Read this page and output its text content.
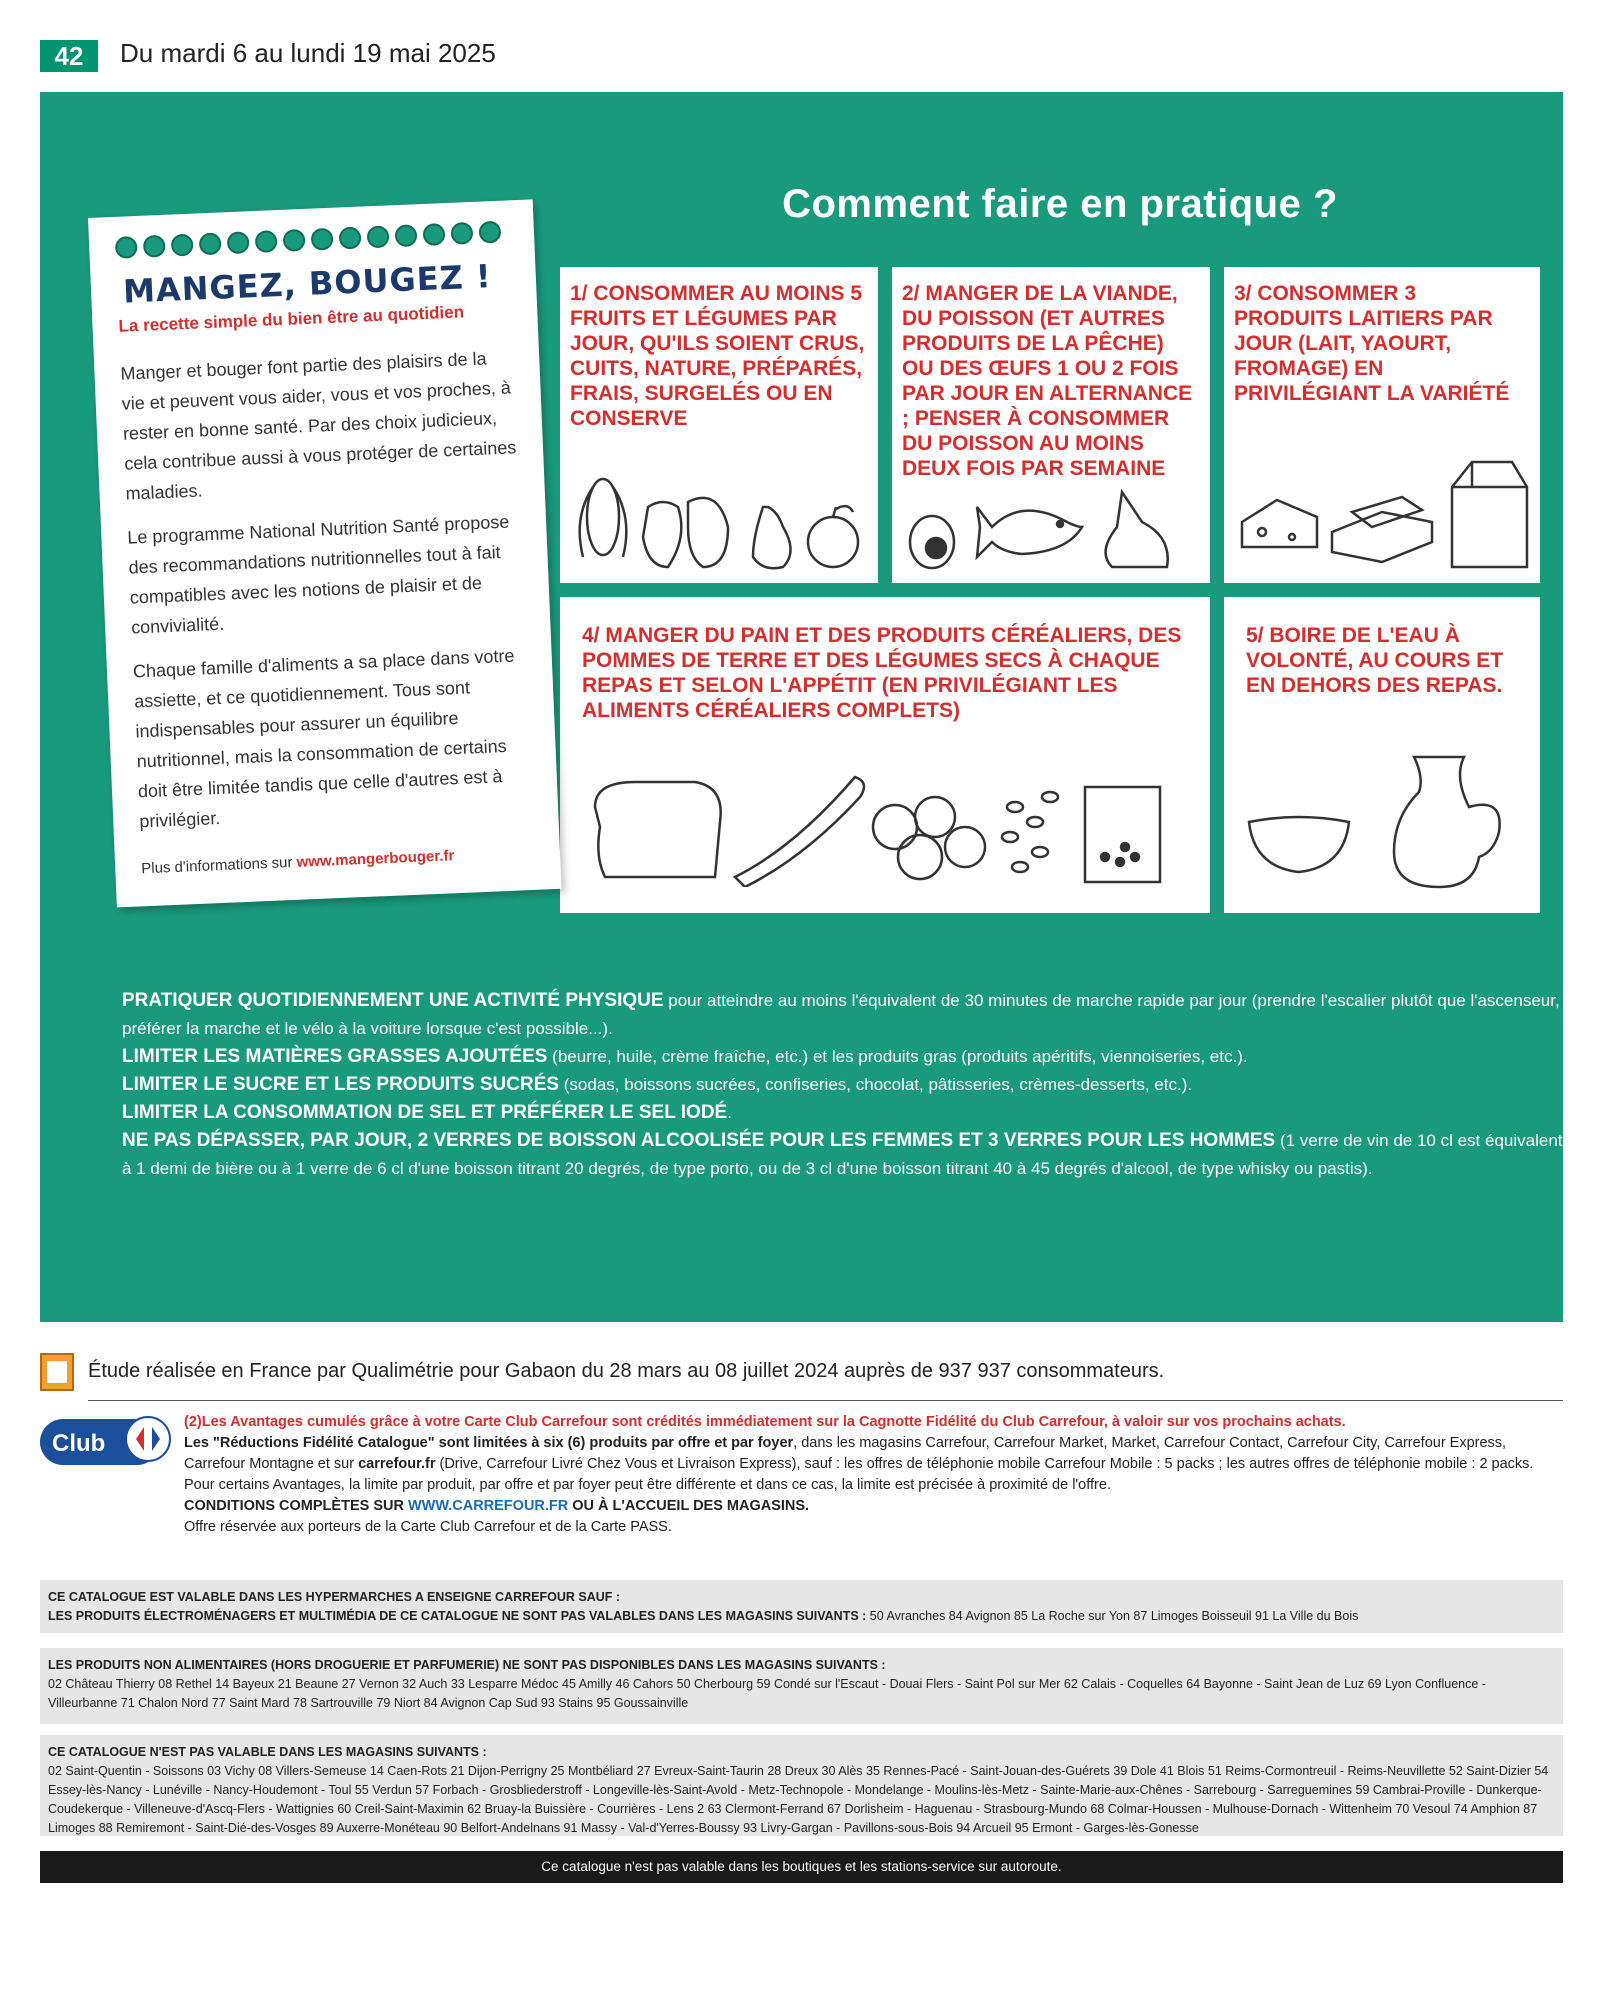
42	Du mardi 6 au lundi 19 mai 2025
Comment faire en pratique ?
1/ CONSOMMER AU MOINS 5 FRUITS ET LÉGUMES PAR JOUR, QU'ILS SOIENT CRUS, CUITS, NATURE, PRÉPARÉS, FRAIS, SURGELÉS OU EN CONSERVE
2/ MANGER DE LA VIANDE, DU POISSON (ET AUTRES PRODUITS DE LA PÊCHE) OU DES ŒUFS 1 OU 2 FOIS PAR JOUR EN ALTERNANCE ; PENSER À CONSOMMER DU POISSON AU MOINS DEUX FOIS PAR SEMAINE
3/ CONSOMMER 3 PRODUITS LAITIERS PAR JOUR (LAIT, YAOURT, FROMAGE) EN PRIVILÉGIANT LA VARIÉTÉ
4/ MANGER DU PAIN ET DES PRODUITS CÉRÉALIERS, DES POMMES DE TERRE ET DES LÉGUMES SECS À CHAQUE REPAS ET SELON L'APPÉTIT (EN PRIVILÉGIANT LES ALIMENTS CÉRÉALIERS COMPLETS)
5/ BOIRE DE L'EAU À VOLONTÉ, AU COURS ET EN DEHORS DES REPAS.
PRATIQUER QUOTIDIENNEMENT UNE ACTIVITÉ PHYSIQUE pour atteindre au moins l'équivalent de 30 minutes de marche rapide par jour (prendre l'escalier plutôt que l'ascenseur, préférer la marche et le vélo à la voiture lorsque c'est possible...).
LIMITER LES MATIÈRES GRASSES AJOUTÉES (beurre, huile, crème fraîche, etc.) et les produits gras (produits apéritifs, viennoiseries, etc.).
LIMITER LE SUCRE ET LES PRODUITS SUCRÉS (sodas, boissons sucrées, confiseries, chocolat, pâtisseries, crèmes-desserts, etc.).
LIMITER LA CONSOMMATION DE SEL ET PRÉFÉRER LE SEL IODÉ.
NE PAS DÉPASSER, PAR JOUR, 2 VERRES DE BOISSON ALCOOLISÉE POUR LES FEMMES ET 3 VERRES POUR LES HOMMES (1 verre de vin de 10 cl est équivalent à 1 demi de bière ou à 1 verre de 6 cl d'une boisson titrant 20 degrés, de type porto, ou de 3 cl d'une boisson titrant 40 à 45 degrés d'alcool, de type whisky ou pastis).
MANGEZ, BOUGEZ !
La recette simple du bien être au quotidien

Manger et bouger font partie des plaisirs de la vie et peuvent vous aider, vous et vos proches, à rester en bonne santé. Par des choix judicieux, cela contribue aussi à vous protéger de certaines maladies.

Le programme National Nutrition Santé propose des recommandations nutritionnelles tout à fait compatibles avec les notions de plaisir et de convivialité.

Chaque famille d'aliments a sa place dans votre assiette, et ce quotidiennement. Tous sont indispensables pour assurer un équilibre nutritionnel, mais la consommation de certains doit être limitée tandis que celle d'autres est à privilégier.

Plus d'informations sur www.mangerbouger.fr
Étude réalisée en France par Qualimétrie pour Gabaon du 28 mars au 08 juillet 2024 auprès de 937 937 consommateurs.
Club
(2)Les Avantages cumulés grâce à votre Carte Club Carrefour sont crédités immédiatement sur la Cagnotte Fidélité du Club Carrefour, à valoir sur vos prochains achats.
Les "Réductions Fidélité Catalogue" sont limitées à six (6) produits par offre et par foyer, dans les magasins Carrefour, Carrefour Market, Market, Carrefour Contact, Carrefour City, Carrefour Express, Carrefour Montagne et sur carrefour.fr (Drive, Carrefour Livré Chez Vous et Livraison Express), sauf : les offres de téléphonie mobile Carrefour Mobile : 5 packs ; les autres offres de téléphonie mobile : 2 packs.
Pour certains Avantages, la limite par produit, par offre et par foyer peut être différente et dans ce cas, la limite est précisée à proximité de l'offre.
CONDITIONS COMPLÈTES SUR WWW.CARREFOUR.FR OU À L'ACCUEIL DES MAGASINS.
Offre réservée aux porteurs de la Carte Club Carrefour et de la Carte PASS.
CE CATALOGUE EST VALABLE DANS LES HYPERMARCHES A ENSEIGNE CARREFOUR SAUF :
LES PRODUITS ÉLECTROMÉNAGERS ET MULTIMÉDIA DE CE CATALOGUE NE SONT PAS VALABLES DANS LES MAGASINS SUIVANTS : 50 Avranches 84 Avignon 85 La Roche sur Yon 87 Limoges Boisseuil 91 La Ville du Bois
LES PRODUITS NON ALIMENTAIRES (HORS DROGUERIE ET PARFUMERIE) NE SONT PAS DISPONIBLES DANS LES MAGASINS SUIVANTS :
02 Château Thierry 08 Rethel 14 Bayeux 21 Beaune 27 Vernon 32 Auch 33 Lesparre Médoc 45 Amilly 46 Cahors 50 Cherbourg 59 Condé sur l'Escaut - Douai Flers - Saint Pol sur Mer 62 Calais - Coquelles 64 Bayonne - Saint Jean de Luz 69 Lyon Confluence - Villeurbanne 71 Chalon Nord 77 Saint Mard 78 Sartrouville 79 Niort 84 Avignon Cap Sud 93 Stains 95 Goussainville
CE CATALOGUE N'EST PAS VALABLE DANS LES MAGASINS SUIVANTS :
02 Saint-Quentin - Soissons 03 Vichy 08 Villers-Semeuse 14 Caen-Rots 21 Dijon-Perrigny 25 Montbéliard 27 Evreux-Saint-Taurin 28 Dreux 30 Alès 35 Rennes-Pacé - Saint-Jouan-des-Guérets 39 Dole 41 Blois 51 Reims-Cormontreuil - Reims-Neuvillette 52 Saint-Dizier 54 Essey-lès-Nancy - Lunéville - Nancy-Houdemont - Toul 55 Verdun 57 Forbach - Grosbliederstroff - Longeville-lès-Saint-Avold - Metz-Technopole - Mondelange - Moulins-lès-Metz - Sainte-Marie-aux-Chênes - Sarrebourg - Sarreguemines 59 Cambrai-Proville - Dunkerque-Coudekerque - Villeneuve-d'Ascq-Flers - Wattignies 60 Creil-Saint-Maximin 62 Bruay-la Buissière - Courrières - Lens 2 63 Clermont-Ferrand 67 Dorlisheim - Haguenau - Strasbourg-Mundo 68 Colmar-Houssen - Mulhouse-Dornach - Wittenheim 70 Vesoul 74 Amphion 87 Limoges 88 Remiremont - Saint-Dié-des-Vosges 89 Auxerre-Monéteau 90 Belfort-Andelnans 91 Massy - Val-d'Yerres-Boussy 93 Livry-Gargan - Pavillons-sous-Bois 94 Arcueil 95 Ermont - Garges-lès-Gonesse
Ce catalogue n'est pas valable dans les boutiques et les stations-service sur autoroute.
